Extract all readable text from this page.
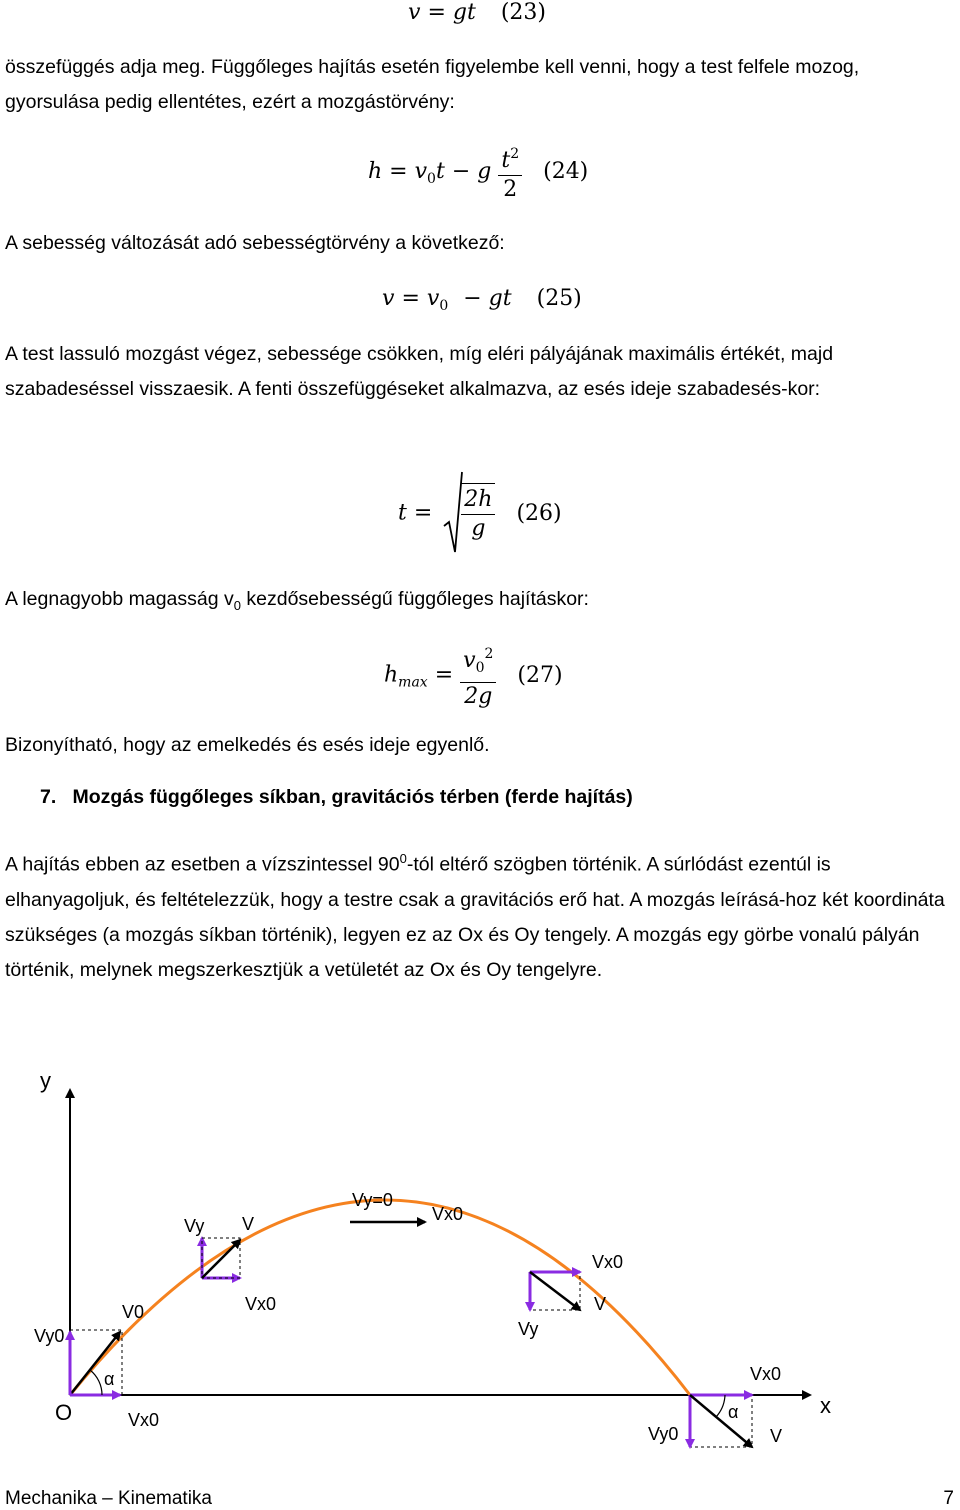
v = gt (23)

összefüggés adja meg. Függőleges hajítás esetén figyelembe kell venni, hogy a test felfele mozog, gyorsulása pedig ellentétes, ezért a mozgástörvény:

$h = v_0t - g \frac{t^2}{2} (24)$

A sebesség változását adó sebességtörvény a következő:

$v = v_0$ − gt (25)

A test lassuló mozgást végez, sebessége csökken, míg eléri pályájának maximális értékét, majd szabadeséssel visszaesik. A fenti összefüggéseket alkalmazva, az esés ideje szabadesés-kor:

$t = \frac{2h}{g} (26)$

A legnagyobb magasság $v_0$ kezdősebességű függőleges hajításkor:

$h_{max} = \frac{v_0^2}{2g} (27)$

Bizonyítható, hogy az emelkedés és esés ideje egyenlő.

7. Mozgás függőleges síkban, gravitációs térben (ferde hajítás)

A hajítás ebben az esetben a vízszintessel $90^0$-tól eltérő szögben történik. A súrlódást ezentúl is elhanyagoljuk, és feltételezzük, hogy a testre csak a gravitációs erő hat. A mozgás leírásá-hoz két koordináta szükséges (a mozgás síkban történik), legyen ez az Ox és Oy tengely. A mozgás egy görbe vonalú pályán történik, melynek megszerkesztjük a vetületét az Ox és Oy tengelyre.

y
x
O
Vy0
V0
Vx0
α
Vy V
Vx0
Vy=0
Vx0
Vx0
V
Vy
Vx0
Vy0	V
α
Mechanika – Kinematika	7
